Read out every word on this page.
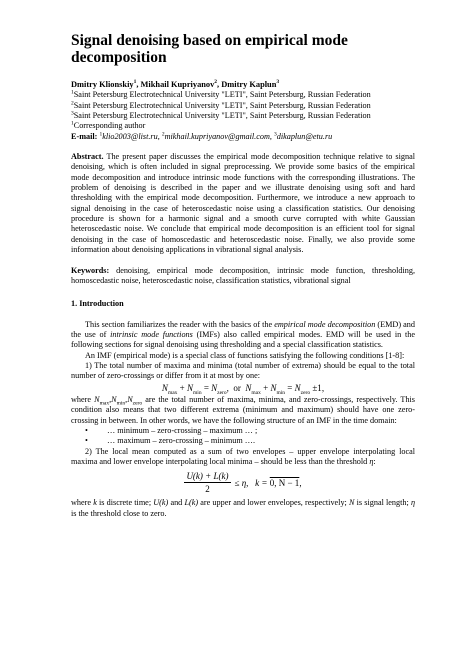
Signal denoising based on empirical mode decomposition

Dmitry Klionskiy$^1$, Mikhail Kupriyanov$^2$, Dmitry Kaplun$^3$

$^1$Saint Petersburg Electrotechnical University "LETI", Saint Petersburg, Russian Federation

$^2$Saint Petersburg Electrotechnical University "LETI", Saint Petersburg, Russian Federation

$^3$Saint Petersburg Electrotechnical University "LETI", Saint Petersburg, Russian Federation

$^1$Corresponding author

E-mail: $^1$klio2003@list.ru, $^2$mikhail.kupriyanov@gmail.com, $^3$dikaplun@etu.ru

Abstract. The present paper discusses the empirical mode decomposition technique relative to signal denoising, which is often included in signal preprocessing. We provide some basics of the empirical mode decomposition and introduce intrinsic mode functions with the corresponding illustrations. The problem of denoising is described in the paper and we illustrate denoising using soft and hard thresholding with the empirical mode decomposition. Furthermore, we introduce a new approach to signal denoising in the case of heteroscedastic noise using a classification statistics. Our denoising procedure is shown for a harmonic signal and a smooth curve corrupted with white Gaussian heteroscedastic noise. We conclude that empirical mode decomposition is an efficient tool for signal denoising in the case of homoscedastic and heteroscedastic noise. Finally, we also provide some information about denoising applications in vibrational signal analysis.

Keywords: denoising, empirical mode decomposition, intrinsic mode function, thresholding, homoscedastic noise, heteroscedastic noise, classification statistics, vibrational signal

1. Introduction

This section familiarizes the reader with the basics of the empirical mode decomposition (EMD) and the use of intrinsic mode functions (IMFs) also called empirical modes. EMD will be used in the following sections for signal denoising using thresholding and a special classification statistics.

An IMF (empirical mode) is a special class of functions satisfying the following conditions [1-8]:

1) The total number of maxima and minima (total number of extrema) should be equal to the total number of zero-crossings or differ from it at most by one:

$N_{max} + N_{min} = N_{zero}$, or $N_{max} + N_{min} = N_{zero} \pm 1$,

where $N_{max},N_{min},N_{zero}$ are the total number of maxima, minima, and zero-crossings, respectively. This condition also means that two different extrema (minimum and maximum) should have one zero-crossing in between. In other words, we have the following structure of an IMF in the time domain:

•	… minimum – zero-crossing – maximum … ;
•	… maximum – zero-crossing – minimum ….

2) The local mean computed as a sum of two envelopes – upper envelope interpolating local maxima and lower envelope interpolating local minima – should be less than the threshold η:

$\frac{U(k) + L(k)}{2} \le \eta$,
k =
0, N − 1 ,

where k is discrete time; U(k) and L(k) are upper and lower envelopes, respectively; N is signal length; η is the threshold close to zero.
